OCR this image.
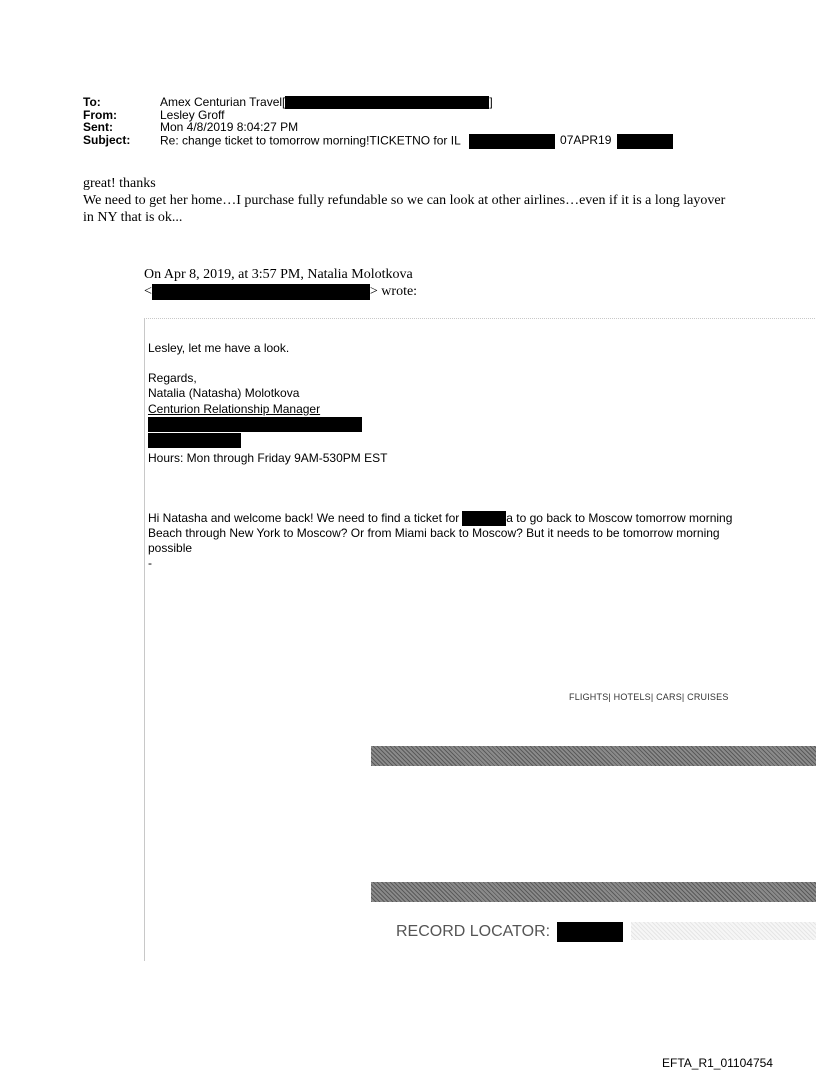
To:	Amex Centurian Travel[	]
From:	Lesley Groff
Sent:	Mon 4/8/2019 8:04:27 PM
Subject: Re: change ticket to tomorrow morning!TICKETNO for IL	07APR19

great! thanks

We need to get her home…I purchase fully refundable so we can look at other airlines…even if it is a long layover in NY that is ok...

On Apr 8, 2019, at 3:57 PM, Natalia Molotkova
<	> wrote:
Lesley, let me have a look.
Regards,
Natalia (Natasha) Molotkova
Centurion Relationship Manager
Hours: Mon through Friday 9AM-530PM EST
Hi Natasha and welcome back! We need to find a ticket for	a to go back to Moscow tomorrow morning
Beach through New York to Moscow? Or from Miami back to Moscow? But it needs to be tomorrow morning
possible
-
FLIGHTS| HOTELS| CARS| CRUISES
RECORD LOCATOR:
EFTA_R1_01104754
